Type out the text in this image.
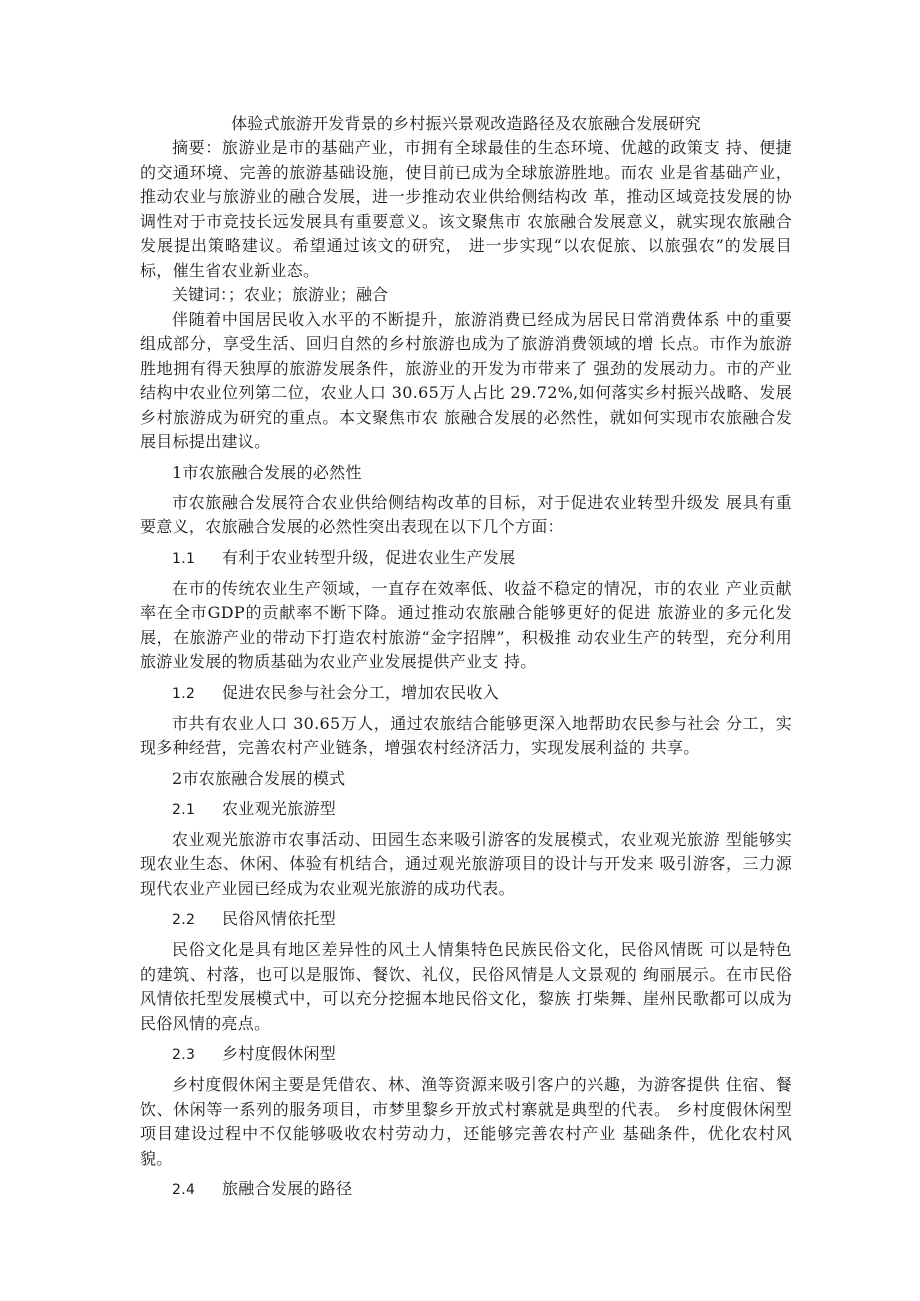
体验式旅游开发背景的乡村振兴景观改造路径及农旅融合发展研究

摘要：旅游业是市的基础产业，市拥有全球最佳的生态环境、优越的政策支 持、便捷的交通环境、完善的旅游基础设施，使目前已成为全球旅游胜地。而农 业是省基础产业，推动农业与旅游业的融合发展，进一步推动农业供给侧结构改 革，推动区域竞技发展的协调性对于市竞技长远发展具有重要意义。该文聚焦市 农旅融合发展意义，就实现农旅融合发展提出策略建议。希望通过该文的研究， 进一步实现“以农促旅、以旅强农”的发展目标，催生省农业新业态。

关键词：；农业；旅游业；融合

伴随着中国居民收入水平的不断提升，旅游消费已经成为居民日常消费体系 中的重要组成部分，享受生活、回归自然的乡村旅游也成为了旅游消费领域的增 长点。市作为旅游胜地拥有得天独厚的旅游发展条件，旅游业的开发为市带来了 强劲的发展动力。市的产业结构中农业位列第二位，农业人口 30.65万人占比 29.72%,如何落实乡村振兴战略、发展乡村旅游成为研究的重点。本文聚焦市农 旅融合发展的必然性，就如何实现市农旅融合发展目标提出建议。

1市农旅融合发展的必然性

市农旅融合发展符合农业供给侧结构改革的目标，对于促进农业转型升级发 展具有重要意义，农旅融合发展的必然性突出表现在以下几个方面：

1.1 有利于农业转型升级，促进农业生产发展

在市的传统农业生产领域，一直存在效率低、收益不稳定的情况，市的农业 产业贡献率在全市GDP的贡献率不断下降。通过推动农旅融合能够更好的促进 旅游业的多元化发展，在旅游产业的带动下打造农村旅游“金字招牌”，积极推 动农业生产的转型，充分利用旅游业发展的物质基础为农业产业发展提供产业支 持。

1.2 促进农民参与社会分工，增加农民收入

市共有农业人口 30.65万人，通过农旅结合能够更深入地帮助农民参与社会 分工，实现多种经营，完善农村产业链条，增强农村经济活力，实现发展利益的 共享。

2市农旅融合发展的模式
2.1 农业观光旅游型

农业观光旅游市农事活动、田园生态来吸引游客的发展模式，农业观光旅游 型能够实现农业生态、休闲、体验有机结合，通过观光旅游项目的设计与开发来 吸引游客，三力源现代农业产业园已经成为农业观光旅游的成功代表。

2.2 民俗风情依托型

民俗文化是具有地区差异性的风土人情集特色民族民俗文化，民俗风情既 可以是特色的建筑、村落，也可以是服饰、餐饮、礼仪，民俗风情是人文景观的 绚丽展示。在市民俗风情依托型发展模式中，可以充分挖掘本地民俗文化，黎族 打柴舞、崖州民歌都可以成为民俗风情的亮点。

2.3 乡村度假休闲型

乡村度假休闲主要是凭借农、林、渔等资源来吸引客户的兴趣，为游客提供 住宿、餐饮、休闲等一系列的服务项目，市梦里黎乡开放式村寨就是典型的代表。 乡村度假休闲型项目建设过程中不仅能够吸收农村劳动力，还能够完善农村产业 基础条件，优化农村风貌。

2.4 旅融合发展的路径
